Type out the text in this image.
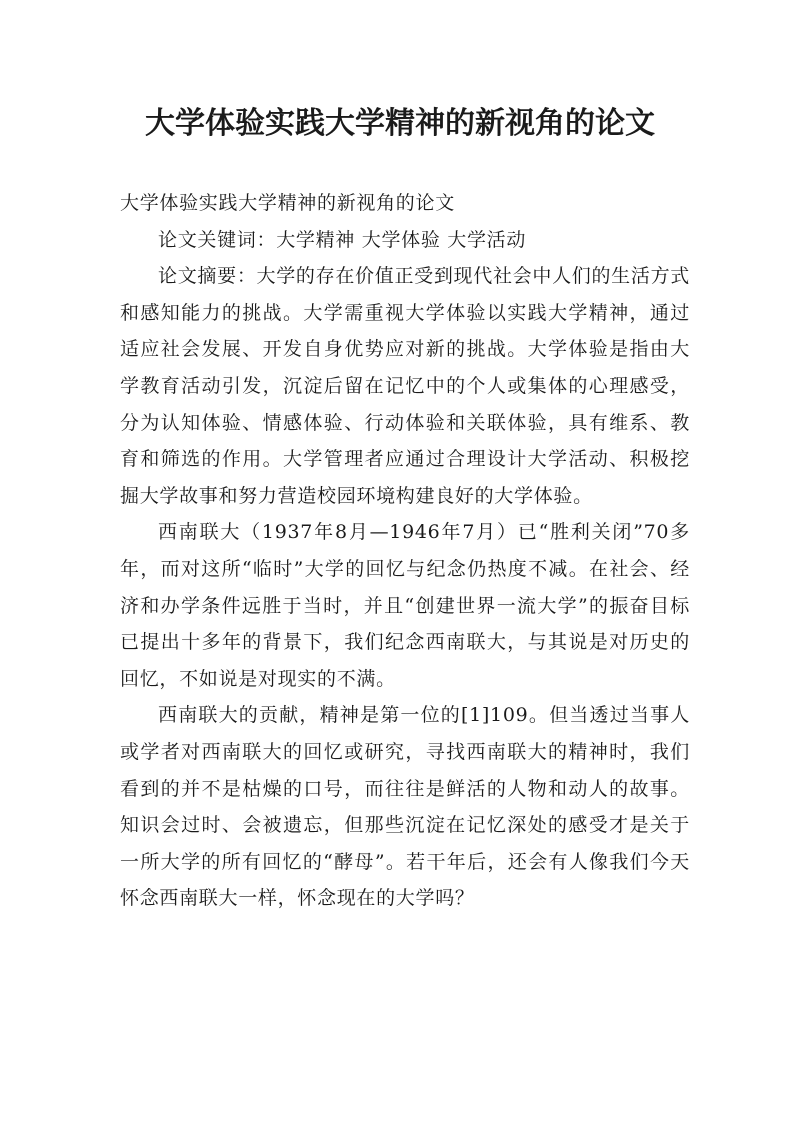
大学体验实践大学精神的新视角的论文

大学体验实践大学精神的新视角的论文

论文关键词：大学精神 大学体验 大学活动

论文摘要：大学的存在价值正受到现代社会中人们的生活方式和感知能力的挑战。大学需重视大学体验以实践大学精神，通过适应社会发展、开发自身优势应对新的挑战。大学体验是指由大学教育活动引发，沉淀后留在记忆中的个人或集体的心理感受，分为认知体验、情感体验、行动体验和关联体验，具有维系、教育和筛选的作用。大学管理者应通过合理设计大学活动、积极挖掘大学故事和努力营造校园环境构建良好的大学体验。

西南联大（1937年8月—1946年7月）已“胜利关闭”70多年，而对这所“临时”大学的回忆与纪念仍热度不减。在社会、经济和办学条件远胜于当时，并且“创建世界一流大学”的振奋目标已提出十多年的背景下，我们纪念西南联大，与其说是对历史的回忆，不如说是对现实的不满。

西南联大的贡献，精神是第一位的[1]109。但当透过当事人或学者对西南联大的回忆或研究，寻找西南联大的精神时，我们看到的并不是枯燥的口号，而往往是鲜活的人物和动人的故事。知识会过时、会被遗忘，但那些沉淀在记忆深处的感受才是关于一所大学的所有回忆的“酵母”。若干年后，还会有人像我们今天怀念西南联大一样，怀念现在的大学吗？
